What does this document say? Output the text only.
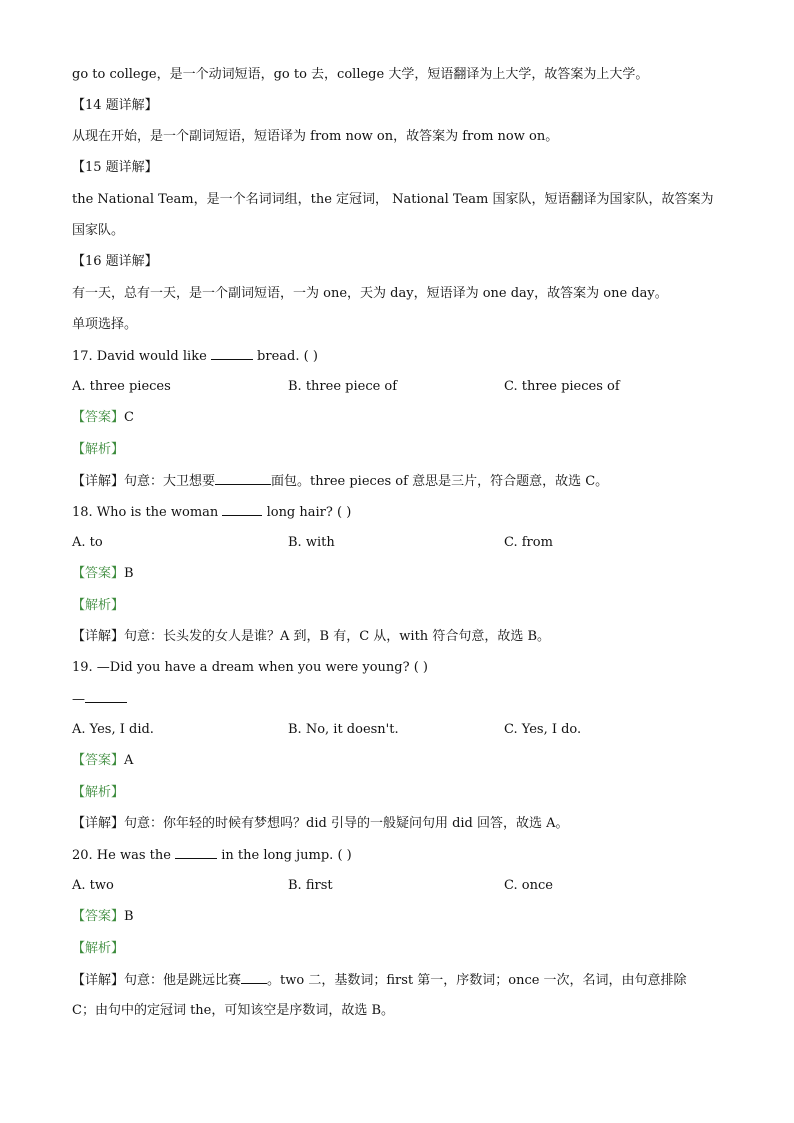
go to college，是一个动词短语，go to 去，college 大学，短语翻译为上大学，故答案为上大学。
【14 题详解】
从现在开始，是一个副词短语，短语译为 from now on，故答案为 from now on。
【15 题详解】
the National Team，是一个名词词组，the 定冠词， National Team 国家队，短语翻译为国家队，故答案为
国家队。
【16 题详解】
有一天，总有一天，是一个副词短语，一为 one，天为 day，短语译为 one day，故答案为 one day。
单项选择。
17. David would like	bread. ( )
A. three pieces	B. three piece of	C. three pieces of
【答案】C
【解析】
【详解】句意：大卫想要	面包。three pieces of 意思是三片，符合题意，故选 C。
18. Who is the woman	long hair? ( )
A. to	B. with	C. from
【答案】B
【解析】
【详解】句意：长头发的女人是谁？A 到，B 有，C 从，with 符合句意，故选 B。
19. —Did you have a dream when you were young? ( )
—
A. Yes, I did.	B. No, it doesn't.	C. Yes, I do.
【答案】A
【解析】
【详解】句意：你年轻的时候有梦想吗？did 引导的一般疑问句用 did 回答，故选 A。
20. He was the	in the long jump. ( )
A. two	B. first	C. once
【答案】B
【解析】
【详解】句意：他是跳远比赛 。two 二，基数词；first 第一，序数词；once 一次，名词，由句意排除
C；由句中的定冠词 the，可知该空是序数词，故选 B。
